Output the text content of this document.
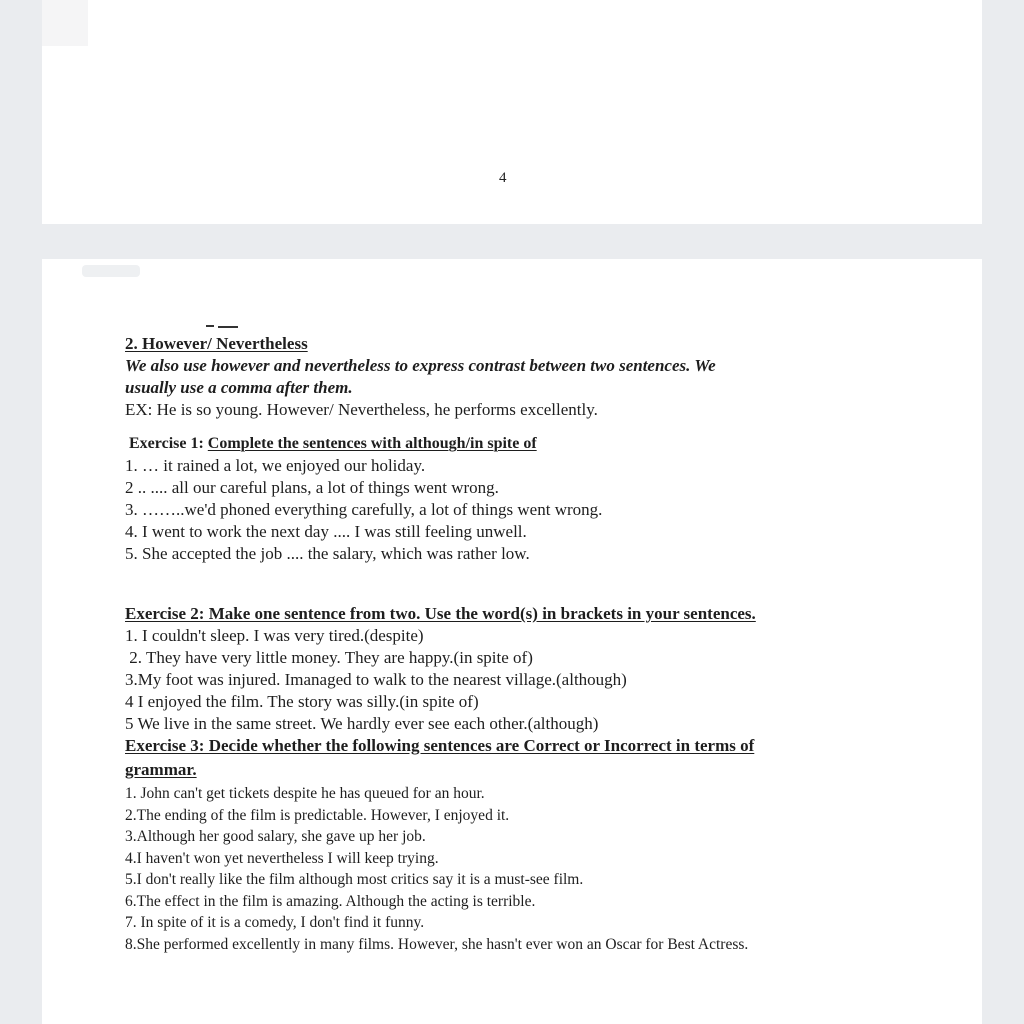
4
2. However/ Nevertheless
We also use however and nevertheless to express contrast between two sentences. We
usually use a comma after them.
EX: He is so young. However/ Nevertheless, he performs excellently.
Exercise 1: Complete the sentences with although/in spite of
1. … it rained a lot, we enjoyed our holiday.
2 .. .... all our careful plans, a lot of things went wrong.
3. ……..we'd phoned everything carefully, a lot of things went wrong.
4. I went to work the next day .... I was still feeling unwell.
5. She accepted the job .... the salary, which was rather low.
Exercise 2: Make one sentence from two. Use the word(s) in brackets in your sentences.
1. I couldn't sleep. I was very tired.(despite)
2. They have very little money. They are happy.(in spite of)
3.My foot was injured. Imanaged to walk to the nearest village.(although)
4 I enjoyed the film. The story was silly.(in spite of)
5 We live in the same street. We hardly ever see each other.(although)
Exercise 3: Decide whether the following sentences are Correct or Incorrect in terms of
grammar.
1. John can't get tickets despite he has queued for an hour.
2.The ending of the film is predictable. However, I enjoyed it.
3.Although her good salary, she gave up her job.
4.I haven't won yet nevertheless I will keep trying.
5.I don't really like the film although most critics say it is a must-see film.
6.The effect in the film is amazing. Although the acting is terrible.
7. In spite of it is a comedy, I don't find it funny.
8.She performed excellently in many films. However, she hasn't ever won an Oscar for Best Actress.
